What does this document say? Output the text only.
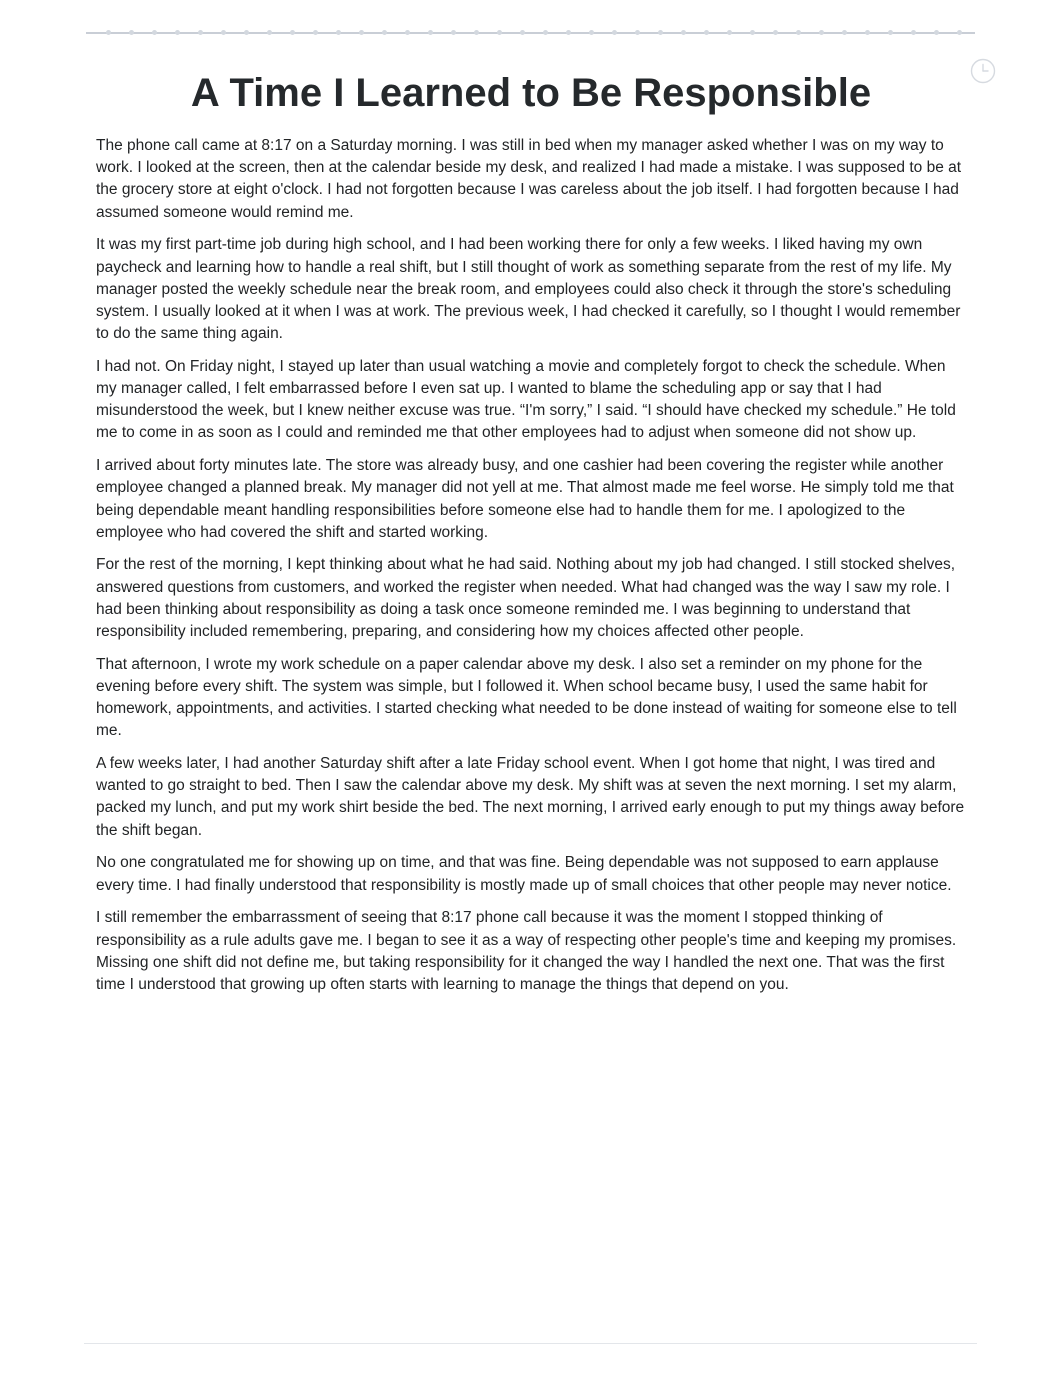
A Time I Learned to Be Responsible

The phone call came at 8:17 on a Saturday morning. I was still in bed when my manager asked whether I was on my way to work. I looked at the screen, then at the calendar beside my desk, and realized I had made a mistake. I was supposed to be at the grocery store at eight o'clock. I had not forgotten because I was careless about the job itself. I had forgotten because I had assumed someone would remind me.

It was my first part-time job during high school, and I had been working there for only a few weeks. I liked having my own paycheck and learning how to handle a real shift, but I still thought of work as something separate from the rest of my life. My manager posted the weekly schedule near the break room, and employees could also check it through the store's scheduling system. I usually looked at it when I was at work. The previous week, I had checked it carefully, so I thought I would remember to do the same thing again.

I had not. On Friday night, I stayed up later than usual watching a movie and completely forgot to check the schedule. When my manager called, I felt embarrassed before I even sat up. I wanted to blame the scheduling app or say that I had misunderstood the week, but I knew neither excuse was true. “I'm sorry,” I said. “I should have checked my schedule.” He told me to come in as soon as I could and reminded me that other employees had to adjust when someone did not show up.

I arrived about forty minutes late. The store was already busy, and one cashier had been covering the register while another employee changed a planned break. My manager did not yell at me. That almost made me feel worse. He simply told me that being dependable meant handling responsibilities before someone else had to handle them for me. I apologized to the employee who had covered the shift and started working.

For the rest of the morning, I kept thinking about what he had said. Nothing about my job had changed. I still stocked shelves, answered questions from customers, and worked the register when needed. What had changed was the way I saw my role. I had been thinking about responsibility as doing a task once someone reminded me. I was beginning to understand that responsibility included remembering, preparing, and considering how my choices affected other people.

That afternoon, I wrote my work schedule on a paper calendar above my desk. I also set a reminder on my phone for the evening before every shift. The system was simple, but I followed it. When school became busy, I used the same habit for homework, appointments, and activities. I started checking what needed to be done instead of waiting for someone else to tell me.

A few weeks later, I had another Saturday shift after a late Friday school event. When I got home that night, I was tired and wanted to go straight to bed. Then I saw the calendar above my desk. My shift was at seven the next morning. I set my alarm, packed my lunch, and put my work shirt beside the bed. The next morning, I arrived early enough to put my things away before the shift began.

No one congratulated me for showing up on time, and that was fine. Being dependable was not supposed to earn applause every time. I had finally understood that responsibility is mostly made up of small choices that other people may never notice.

I still remember the embarrassment of seeing that 8:17 phone call because it was the moment I stopped thinking of responsibility as a rule adults gave me. I began to see it as a way of respecting other people's time and keeping my promises. Missing one shift did not define me, but taking responsibility for it changed the way I handled the next one. That was the first time I understood that growing up often starts with learning to manage the things that depend on you.
